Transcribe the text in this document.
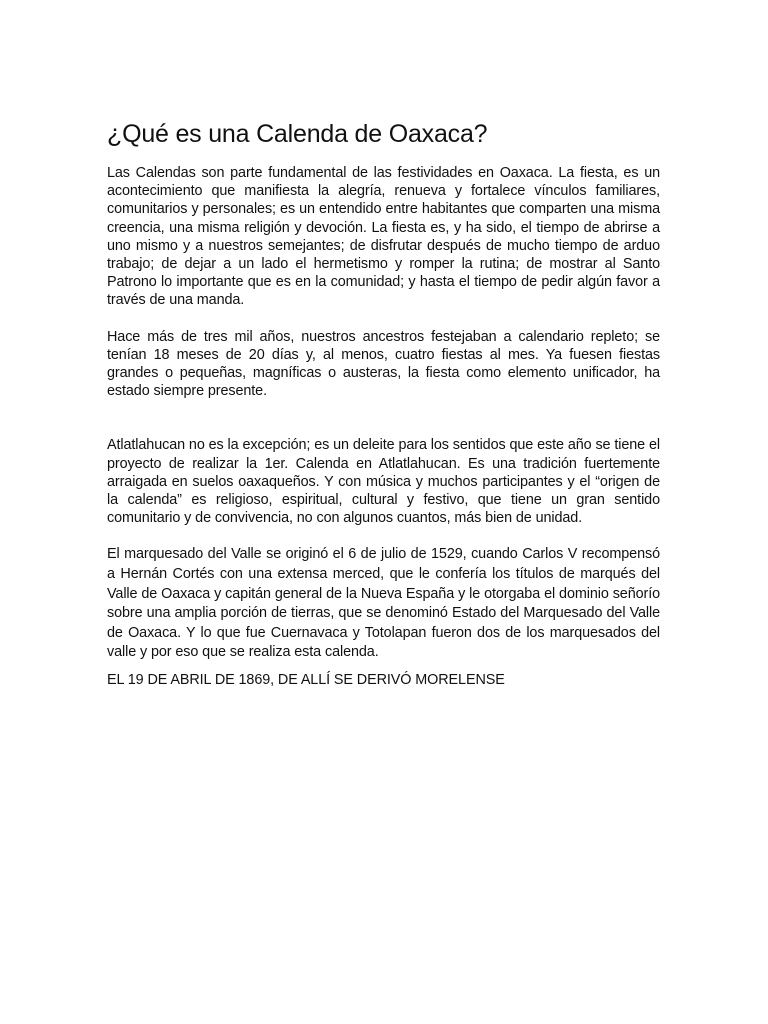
¿Qué es una Calenda de Oaxaca?

Las Calendas son parte fundamental de las festividades en Oaxaca. La fiesta, es un acontecimiento que manifiesta la alegría, renueva y fortalece vínculos familiares, comunitarios y personales; es un entendido entre habitantes que comparten una misma creencia, una misma religión y devoción. La fiesta es, y ha sido, el tiempo de abrirse a uno mismo y a nuestros semejantes; de disfrutar después de mucho tiempo de arduo trabajo; de dejar a un lado el hermetismo y romper la rutina; de mostrar al Santo Patrono lo importante que es en la comunidad; y hasta el tiempo de pedir algún favor a través de una manda.

Hace más de tres mil años, nuestros ancestros festejaban a calendario repleto; se tenían 18 meses de 20 días y, al menos, cuatro fiestas al mes. Ya fuesen fiestas grandes o pequeñas, magníficas o austeras, la fiesta como elemento unificador, ha estado siempre presente.

Atlatlahucan no es la excepción; es un deleite para los sentidos que este año se tiene el proyecto de realizar la 1er. Calenda en Atlatlahucan. Es una tradición fuertemente arraigada en suelos oaxaqueños. Y con música y muchos participantes y el “origen de la calenda” es religioso, espiritual, cultural y festivo, que tiene un gran sentido comunitario y de convivencia, no con algunos cuantos, más bien de unidad.

El marquesado del Valle se originó el 6 de julio de 1529, cuando Carlos V recompensó a Hernán Cortés con una extensa merced, que le confería los títulos de marqués del Valle de Oaxaca y capitán general de la Nueva España y le otorgaba el dominio señorío sobre una amplia porción de tierras, que se denominó Estado del Marquesado del Valle de Oaxaca. Y lo que fue Cuernavaca y Totolapan fueron dos de los marquesados del valle y por eso que se realiza esta calenda.

EL 19 DE ABRIL DE 1869, DE ALLÍ SE DERIVÓ MORELENSE
